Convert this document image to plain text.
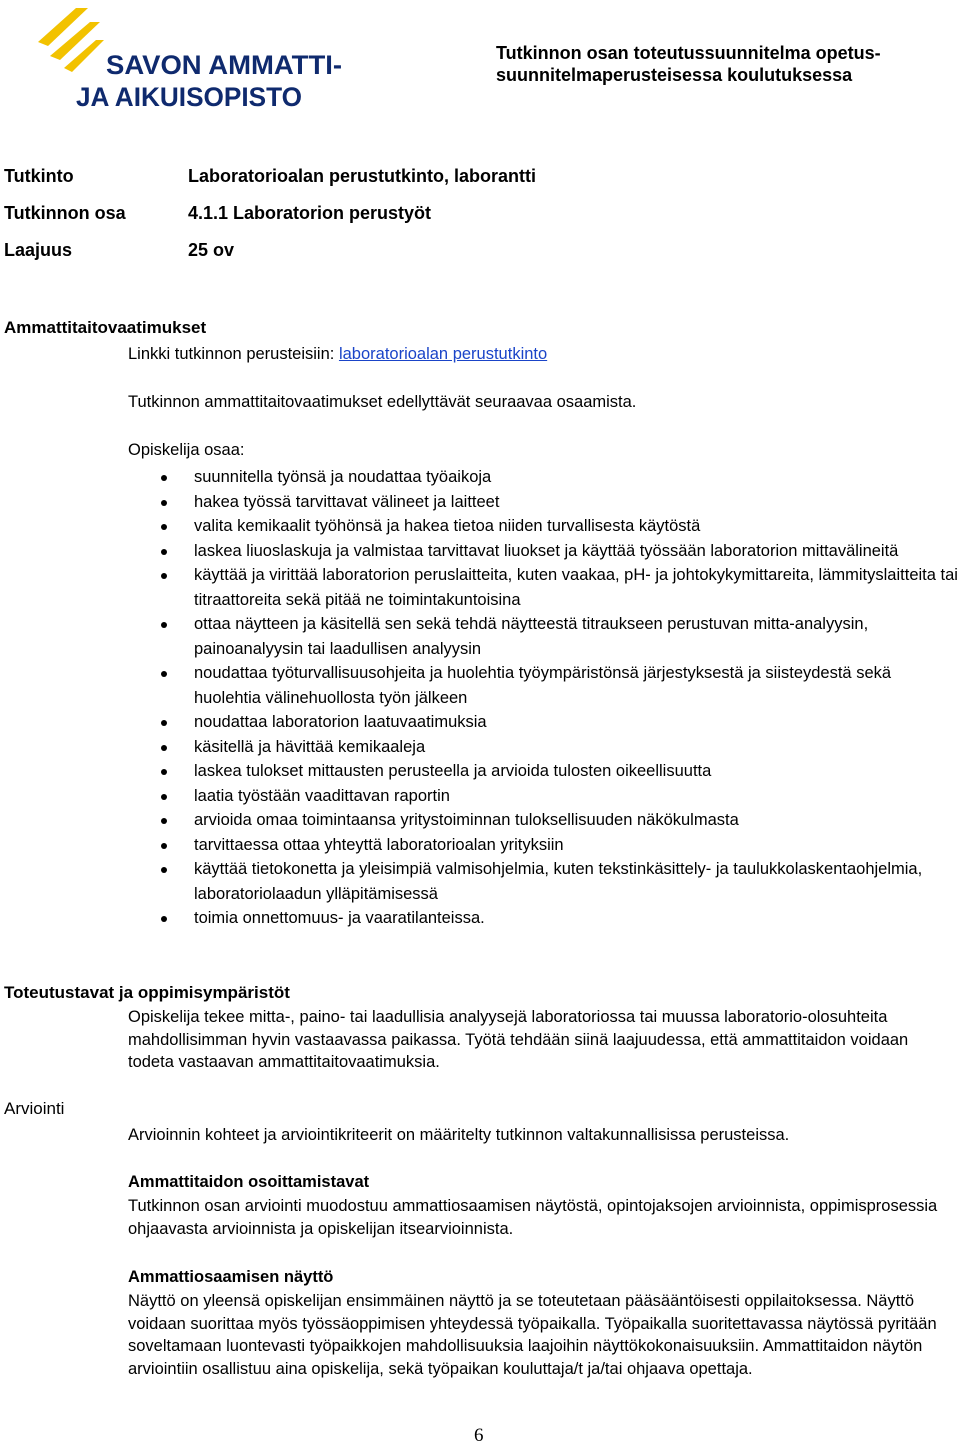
SAVON AMMATTI-
JA AIKUISOPISTO
Tutkinnon osan toteutussuunnitelma opetus-
suunnitelmaperusteisessa koulutuksessa
Tutkinto	Laboratorioalan perustutkinto, laborantti
Tutkinnon osa	4.1.1 Laboratorion perustyöt
Laajuus	25 ov
Ammattitaitovaatimukset
Linkki tutkinnon perusteisiin: laboratorioalan perustutkinto
Tutkinnon ammattitaitovaatimukset edellyttävät seuraavaa osaamista.
Opiskelija osaa:
suunnitella työnsä ja noudattaa työaikoja
hakea työssä tarvittavat välineet ja laitteet
valita kemikaalit työhönsä ja hakea tietoa niiden turvallisesta käytöstä
laskea liuoslaskuja ja valmistaa tarvittavat liuokset ja käyttää työssään laboratorion mittavälineitä
käyttää ja virittää laboratorion peruslaitteita, kuten vaakaa, pH- ja johtokykymittareita, lämmityslaitteita tai titraattoreita sekä pitää ne toimintakuntoisina
ottaa näytteen ja käsitellä sen sekä tehdä näytteestä titraukseen perustuvan mitta-analyysin, painoanalyysin tai laadullisen analyysin
noudattaa työturvallisuusohjeita ja huolehtia työympäristönsä järjestyksestä ja siisteydestä sekä huolehtia välinehuollosta työn jälkeen
noudattaa laboratorion laatuvaatimuksia
käsitellä ja hävittää kemikaaleja
laskea tulokset mittausten perusteella ja arvioida tulosten oikeellisuutta
laatia työstään vaadittavan raportin
arvioida omaa toimintaansa yritystoiminnan tuloksellisuuden näkökulmasta
tarvittaessa ottaa yhteyttä laboratorioalan yrityksiin
käyttää tietokonetta ja yleisimpiä valmisohjelmia, kuten tekstinkäsittely- ja taulukkolaskentaohjelmia, laboratoriolaadun ylläpitämisessä
toimia onnettomuus- ja vaaratilanteissa.
Toteutustavat ja oppimisympäristöt
Opiskelija tekee mitta-, paino- tai laadullisia analyysejä laboratoriossa tai muussa laboratorio-olosuhteita mahdollisimman hyvin vastaavassa paikassa. Työtä tehdään siinä laajuudessa, että ammattitaidon voidaan todeta vastaavan ammattitaitovaatimuksia.
Arviointi
Arvioinnin kohteet ja arviointikriteerit on määritelty tutkinnon valtakunnallisissa perusteissa.
Ammattitaidon osoittamistavat
Tutkinnon osan arviointi muodostuu ammattiosaamisen näytöstä, opintojaksojen arvioinnista, oppimisprosessia ohjaavasta arvioinnista ja opiskelijan itsearvioinnista.
Ammattiosaamisen näyttö
Näyttö on yleensä opiskelijan ensimmäinen näyttö ja se toteutetaan pääsääntöisesti oppilaitoksessa. Näyttö voidaan suorittaa myös työssäoppimisen yhteydessä työpaikalla. Työpaikalla suoritettavassa näytössä pyritään soveltamaan luontevasti työpaikkojen mahdollisuuksia laajoihin näyttökokonaisuuksiin. Ammattitaidon näytön arviointiin osallistuu aina opiskelija, sekä työpaikan kouluttaja/t ja/tai ohjaava opettaja.
6
